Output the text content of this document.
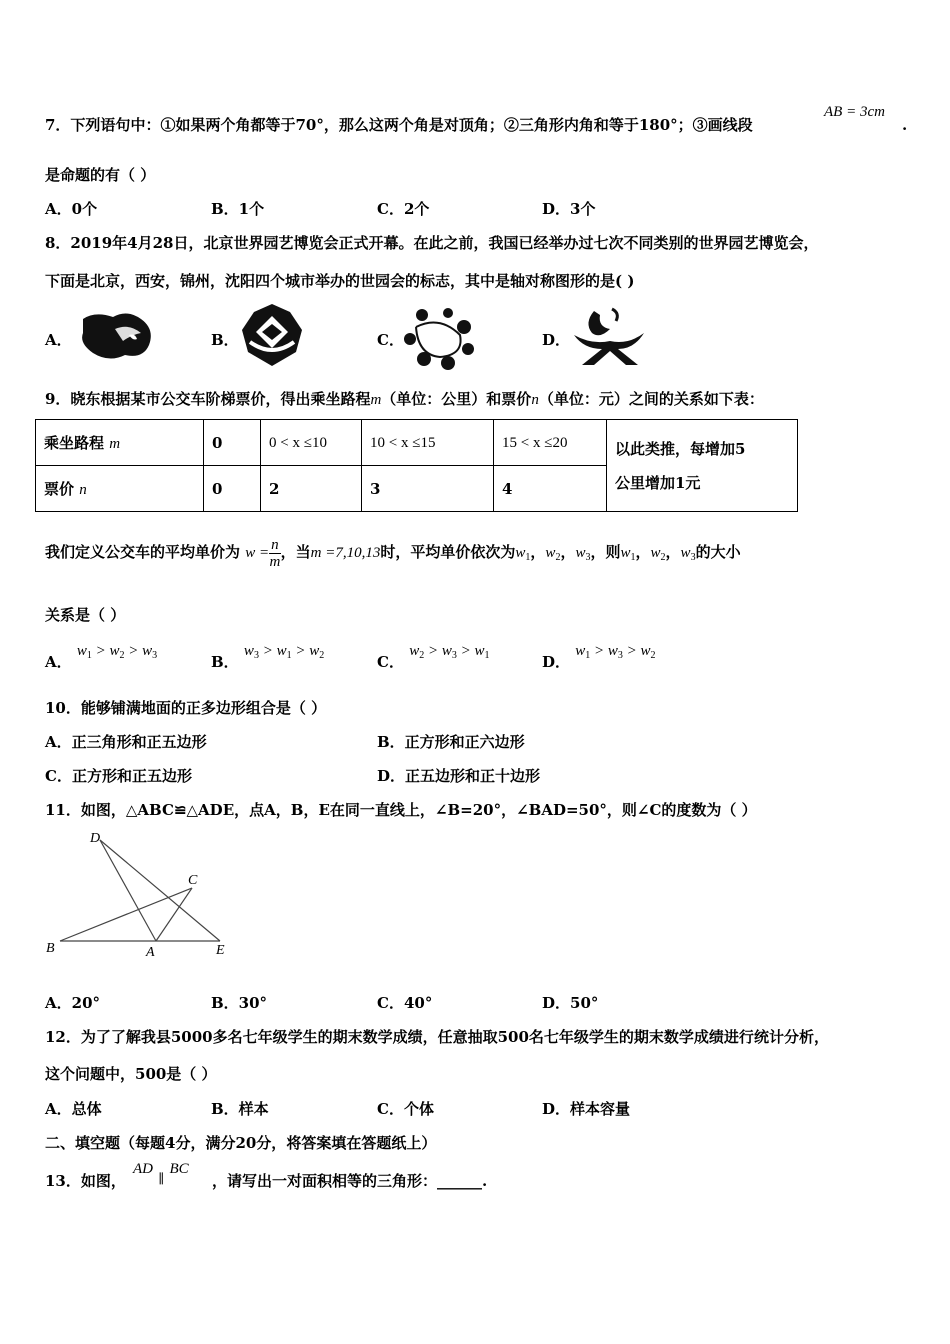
7．下列语句中：①如果两个角都等于70°，那么这两个角是对顶角；②三角形内角和等于180°；③画线段
AB = 3cm
.
是命题的有（ ）
A．0个	B．1个	C．2个	D．3个
8．2019年4月28日，北京世界园艺博览会正式开幕。在此之前，我国已经举办过七次不同类别的世界园艺博览会，
下面是北京，西安，锦州，沈阳四个城市举办的世园会的标志，其中是轴对称图形的是( )
A．	B．	C．	D．
9．晓东根据某市公交车阶梯票价，得出乘坐路程m（单位：公里）和票价n（单位：元）之间的关系如下表：
乘坐路程 m	0	0 < x ≤10	10 < x ≤15	15 < x ≤20	以此类推，每增加5
公里增加1元
票价 n	0	2	3	4	
我们定义公交车的平均单价为 $w = \frac{n}{m}$ ，当m =7,10,13时，平均单价依次为$w_1$，$w_2$，$w_3$，则$w_1$，$w_2$，$w_3$的大小
关系是（ ）
A． $w_1 > w_2 > w_3$	B． $w_3 > w_1 > w_2$	C． $w_2 > w_3 > w_1$	D． $w_1 > w_3 > w_2$
10．能够铺满地面的正多边形组合是（ ）
A．正三角形和正五边形	B．正方形和正六边形
C．正方形和正五边形	D．正五边形和正十边形
11．如图，△ABC≌△ADE，点A，B，E在同一直线上，∠B=20°，∠BAD=50°，则∠C的度数为（ ）
D
C
B	A	E
A．20°	B．30°	C．40°	D．50°
12．为了了解我县5000多名七年级学生的期末数学成绩，任意抽取500名七年级学生的期末数学成绩进行统计分析，
这个问题中，500是（ ）
A．总体	B．样本	C．个体	D．样本容量
二、填空题（每题4分，满分20分，将答案填在答题纸上）
13．如图，
AD ∥ BC
，请写出一对面积相等的三角形：______.
